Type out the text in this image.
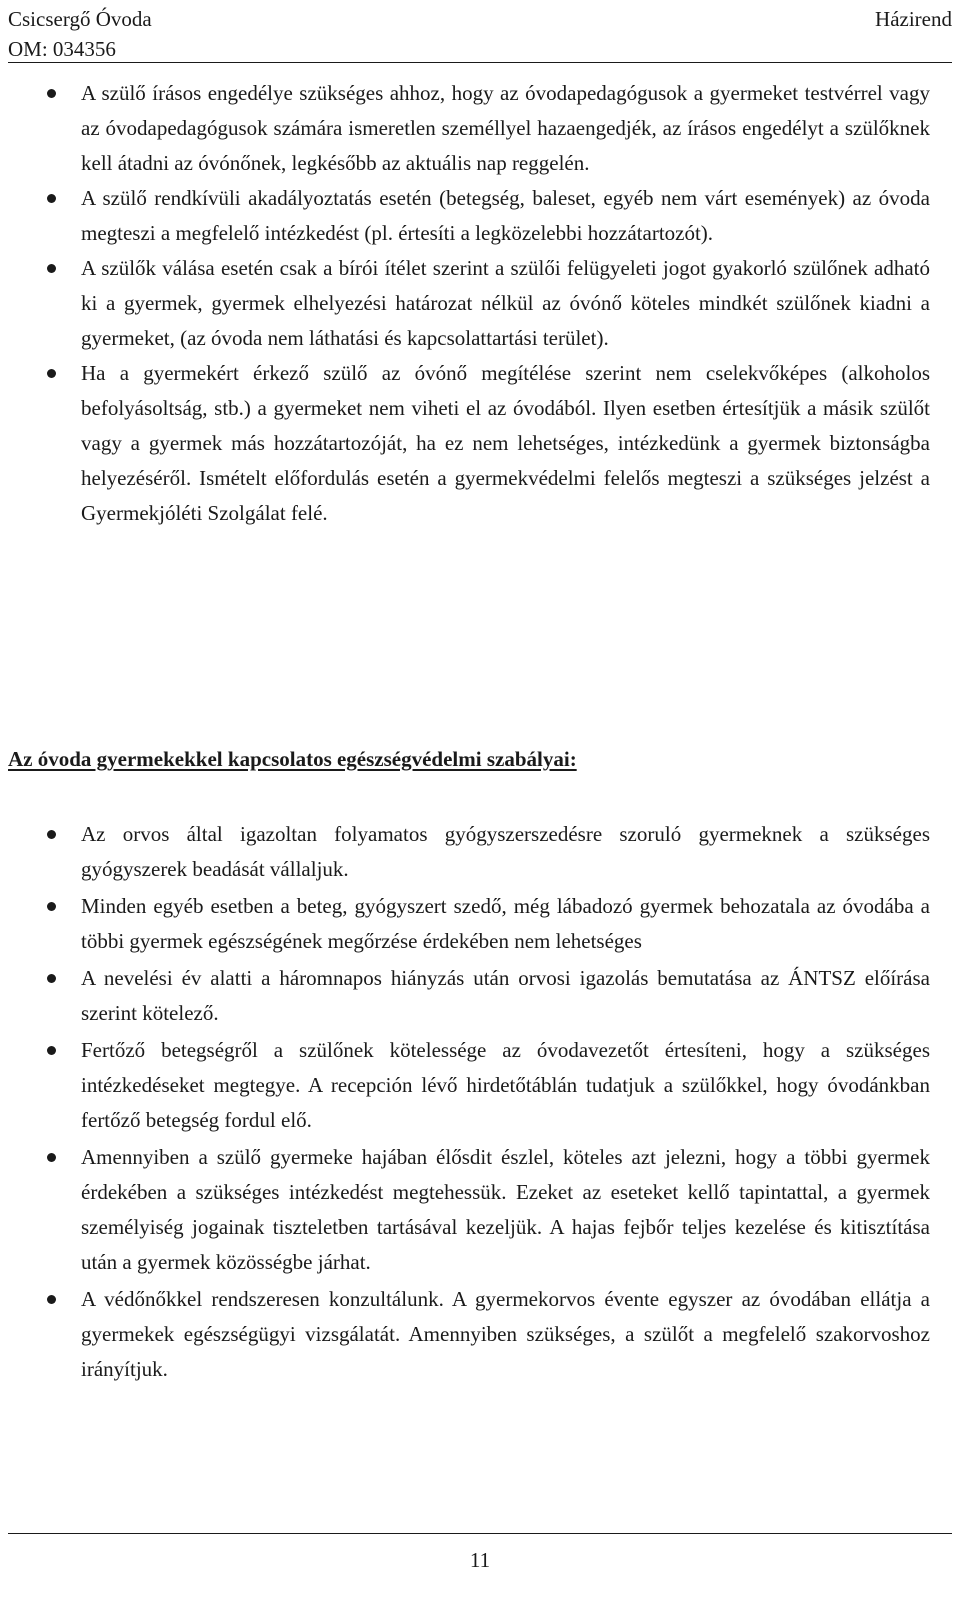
Csicsergő Óvoda
OM: 034356
Házirend
A szülő írásos engedélye szükséges ahhoz, hogy az óvodapedagógusok a gyermeket testvérrel vagy az óvodapedagógusok számára ismeretlen személlyel hazaengedjék, az írásos engedélyt a szülőknek kell átadni az óvónőnek, legkésőbb az aktuális nap reggelén.
A szülő rendkívüli akadályoztatás esetén (betegség, baleset, egyéb nem várt események) az óvoda megteszi a megfelelő intézkedést (pl. értesíti a legközelebbi hozzátartozót).
A szülők válása esetén csak a bírói ítélet szerint a szülői felügyeleti jogot gyakorló szülőnek adható ki a gyermek, gyermek elhelyezési határozat nélkül az óvónő köteles mindkét szülőnek kiadni a gyermeket, (az óvoda nem láthatási és kapcsolattartási terület).
Ha a gyermekért érkező szülő az óvónő megítélése szerint nem cselekvőképes (alkoholos befolyásoltság, stb.) a gyermeket nem viheti el az óvodából. Ilyen esetben értesítjük a másik szülőt vagy a gyermek más hozzátartozóját, ha ez nem lehetséges, intézkedünk a gyermek biztonságba helyezéséről. Ismételt előfordulás esetén a gyermekvédelmi felelős megteszi a szükséges jelzést a Gyermekjóléti Szolgálat felé.
Az óvoda gyermekekkel kapcsolatos egészségvédelmi szabályai:
Az orvos által igazoltan folyamatos gyógyszerszedésre szoruló gyermeknek a szükséges gyógyszerek beadását vállaljuk.
Minden egyéb esetben a beteg, gyógyszert szedő, még lábadozó gyermek behozatala az óvodába a többi gyermek egészségének megőrzése érdekében nem lehetséges
A nevelési év alatti a háromnapos hiányzás után orvosi igazolás bemutatása az ÁNTSZ előírása szerint kötelező.
Fertőző betegségről a szülőnek kötelessége az óvodavezetőt értesíteni, hogy a szükséges intézkedéseket megtegye. A recepción lévő hirdetőtáblán tudatjuk a szülőkkel, hogy óvodánkban fertőző betegség fordul elő.
Amennyiben a szülő gyermeke hajában élősdit észlel, köteles azt jelezni, hogy a többi gyermek érdekében a szükséges intézkedést megtehessük. Ezeket az eseteket kellő tapintattal, a gyermek személyiség jogainak tiszteletben tartásával kezeljük. A hajas fejbőr teljes kezelése és kitisztítása után a gyermek közösségbe járhat.
A védőnőkkel rendszeresen konzultálunk. A gyermekorvos évente egyszer az óvodában ellátja a gyermekek egészségügyi vizsgálatát. Amennyiben szükséges, a szülőt a megfelelő szakorvoshoz irányítjuk.
11
